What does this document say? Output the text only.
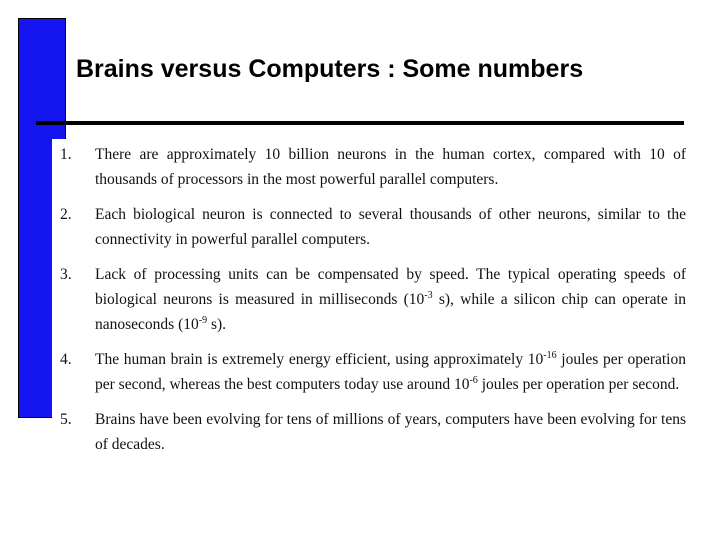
Brains versus Computers : Some numbers
1. There are approximately 10 billion neurons in the human cortex, compared with 10 of thousands of processors in the most powerful parallel computers.
2. Each biological neuron is connected to several thousands of other neurons, similar to the connectivity in powerful parallel computers.
3. Lack of processing units can be compensated by speed. The typical operating speeds of biological neurons is measured in milliseconds ($10^{-3}$ s), while a silicon chip can operate in nanoseconds ($10^{-9}$ s).
4. The human brain is extremely energy efficient, using approximately $10^{-16}$ joules per operation per second, whereas the best computers today use around $10^{-6}$ joules per operation per second.
5. Brains have been evolving for tens of millions of years, computers have been evolving for tens of decades.
